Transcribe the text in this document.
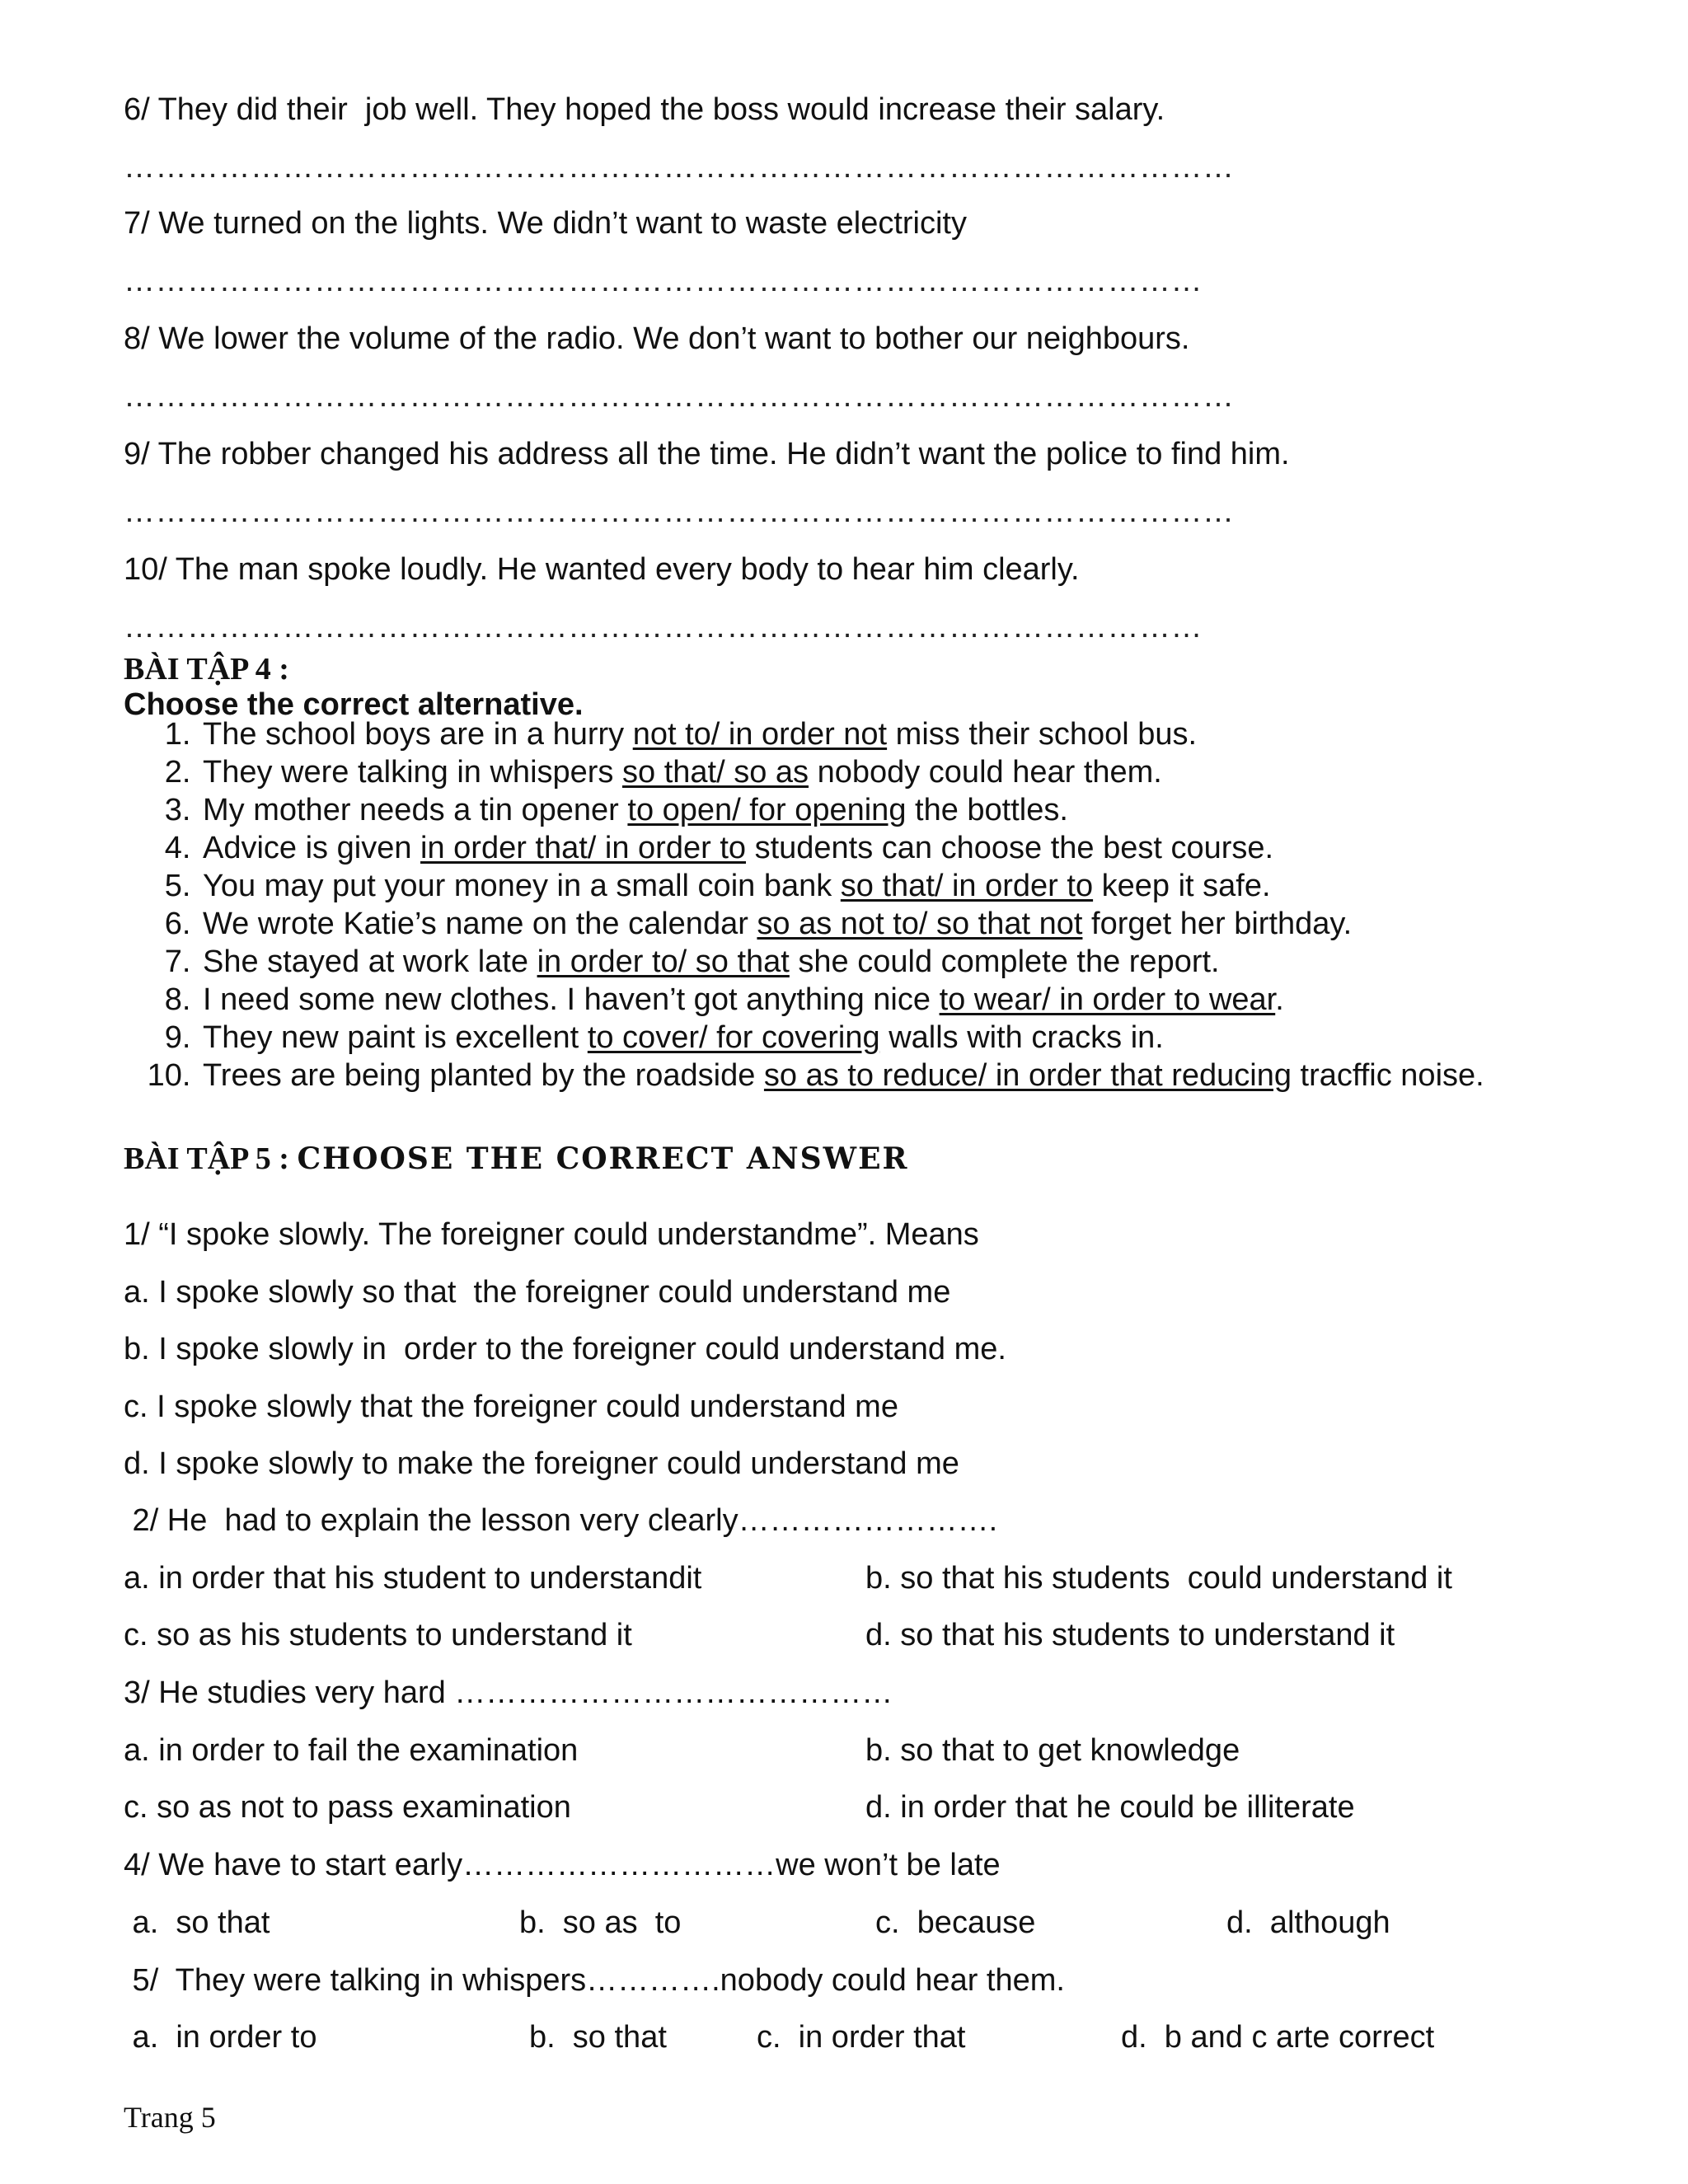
6/ They did their  job well. They hoped the boss would increase their salary.
……………………………………………………………………………………………
7/ We turned on the lights. We didn’t want to waste electricity
…………………………………………………………………………………………
8/ We lower the volume of the radio. We don’t want to bother our neighbours.
……………………………………………………………………………………………
9/ The robber changed his address all the time. He didn’t want the police to find him.
……………………………………………………………………………………………
10/ The man spoke loudly. He wanted every body to hear him clearly.
…………………………………………………………………………………………
BÀI TẬP 4 :
Choose the correct alternative.
1. The school boys are in a hurry not to/ in order not miss their school bus.
2. They were talking in whispers so that/ so as nobody could hear them.
3. My mother needs a tin opener to open/ for opening the bottles.
4. Advice is given in order that/ in order to students can choose the best course.
5. You may put your money in a small coin bank so that/ in order to keep it safe.
6. We wrote Katie’s name on the calendar so as not to/ so that not forget her birthday.
7. She stayed at work late in order to/ so that she could complete the report.
8. I need some new clothes. I haven’t got anything nice to wear/ in order to wear.
9. They new paint is excellent to cover/ for covering walls with cracks in.
10. Trees are being planted by the roadside so as to reduce/ in order that reducing tracffic noise.
BÀI TẬP 5 : CHOOSE THE CORRECT ANSWER
1/ “I spoke slowly. The foreigner could understandme”. Means
a. I spoke slowly so that  the foreigner could understand me
b. I spoke slowly in  order to the foreigner could understand me.
c. I spoke slowly that the foreigner could understand me
d. I spoke slowly to make the foreigner could understand me
2/ He  had to explain the lesson very clearly…………………….
a. in order that his student to understandit	b. so that his students  could understand it
c. so as his students to understand it	d. so that his students to understand it
3/ He studies very hard ……………………………………
a. in order to fail the examination	b. so that to get knowledge
c. so as not to pass examination	d. in order that he could be illiterate
4/ We have to start early…………………………we won’t be late
a.  so that	b.  so as  to	c.  because	d.  although
5/  They were talking in whispers………….nobody could hear them.
a.  in order to	b.  so that	c.  in order that	d.  b and c arte correct
Trang 5
